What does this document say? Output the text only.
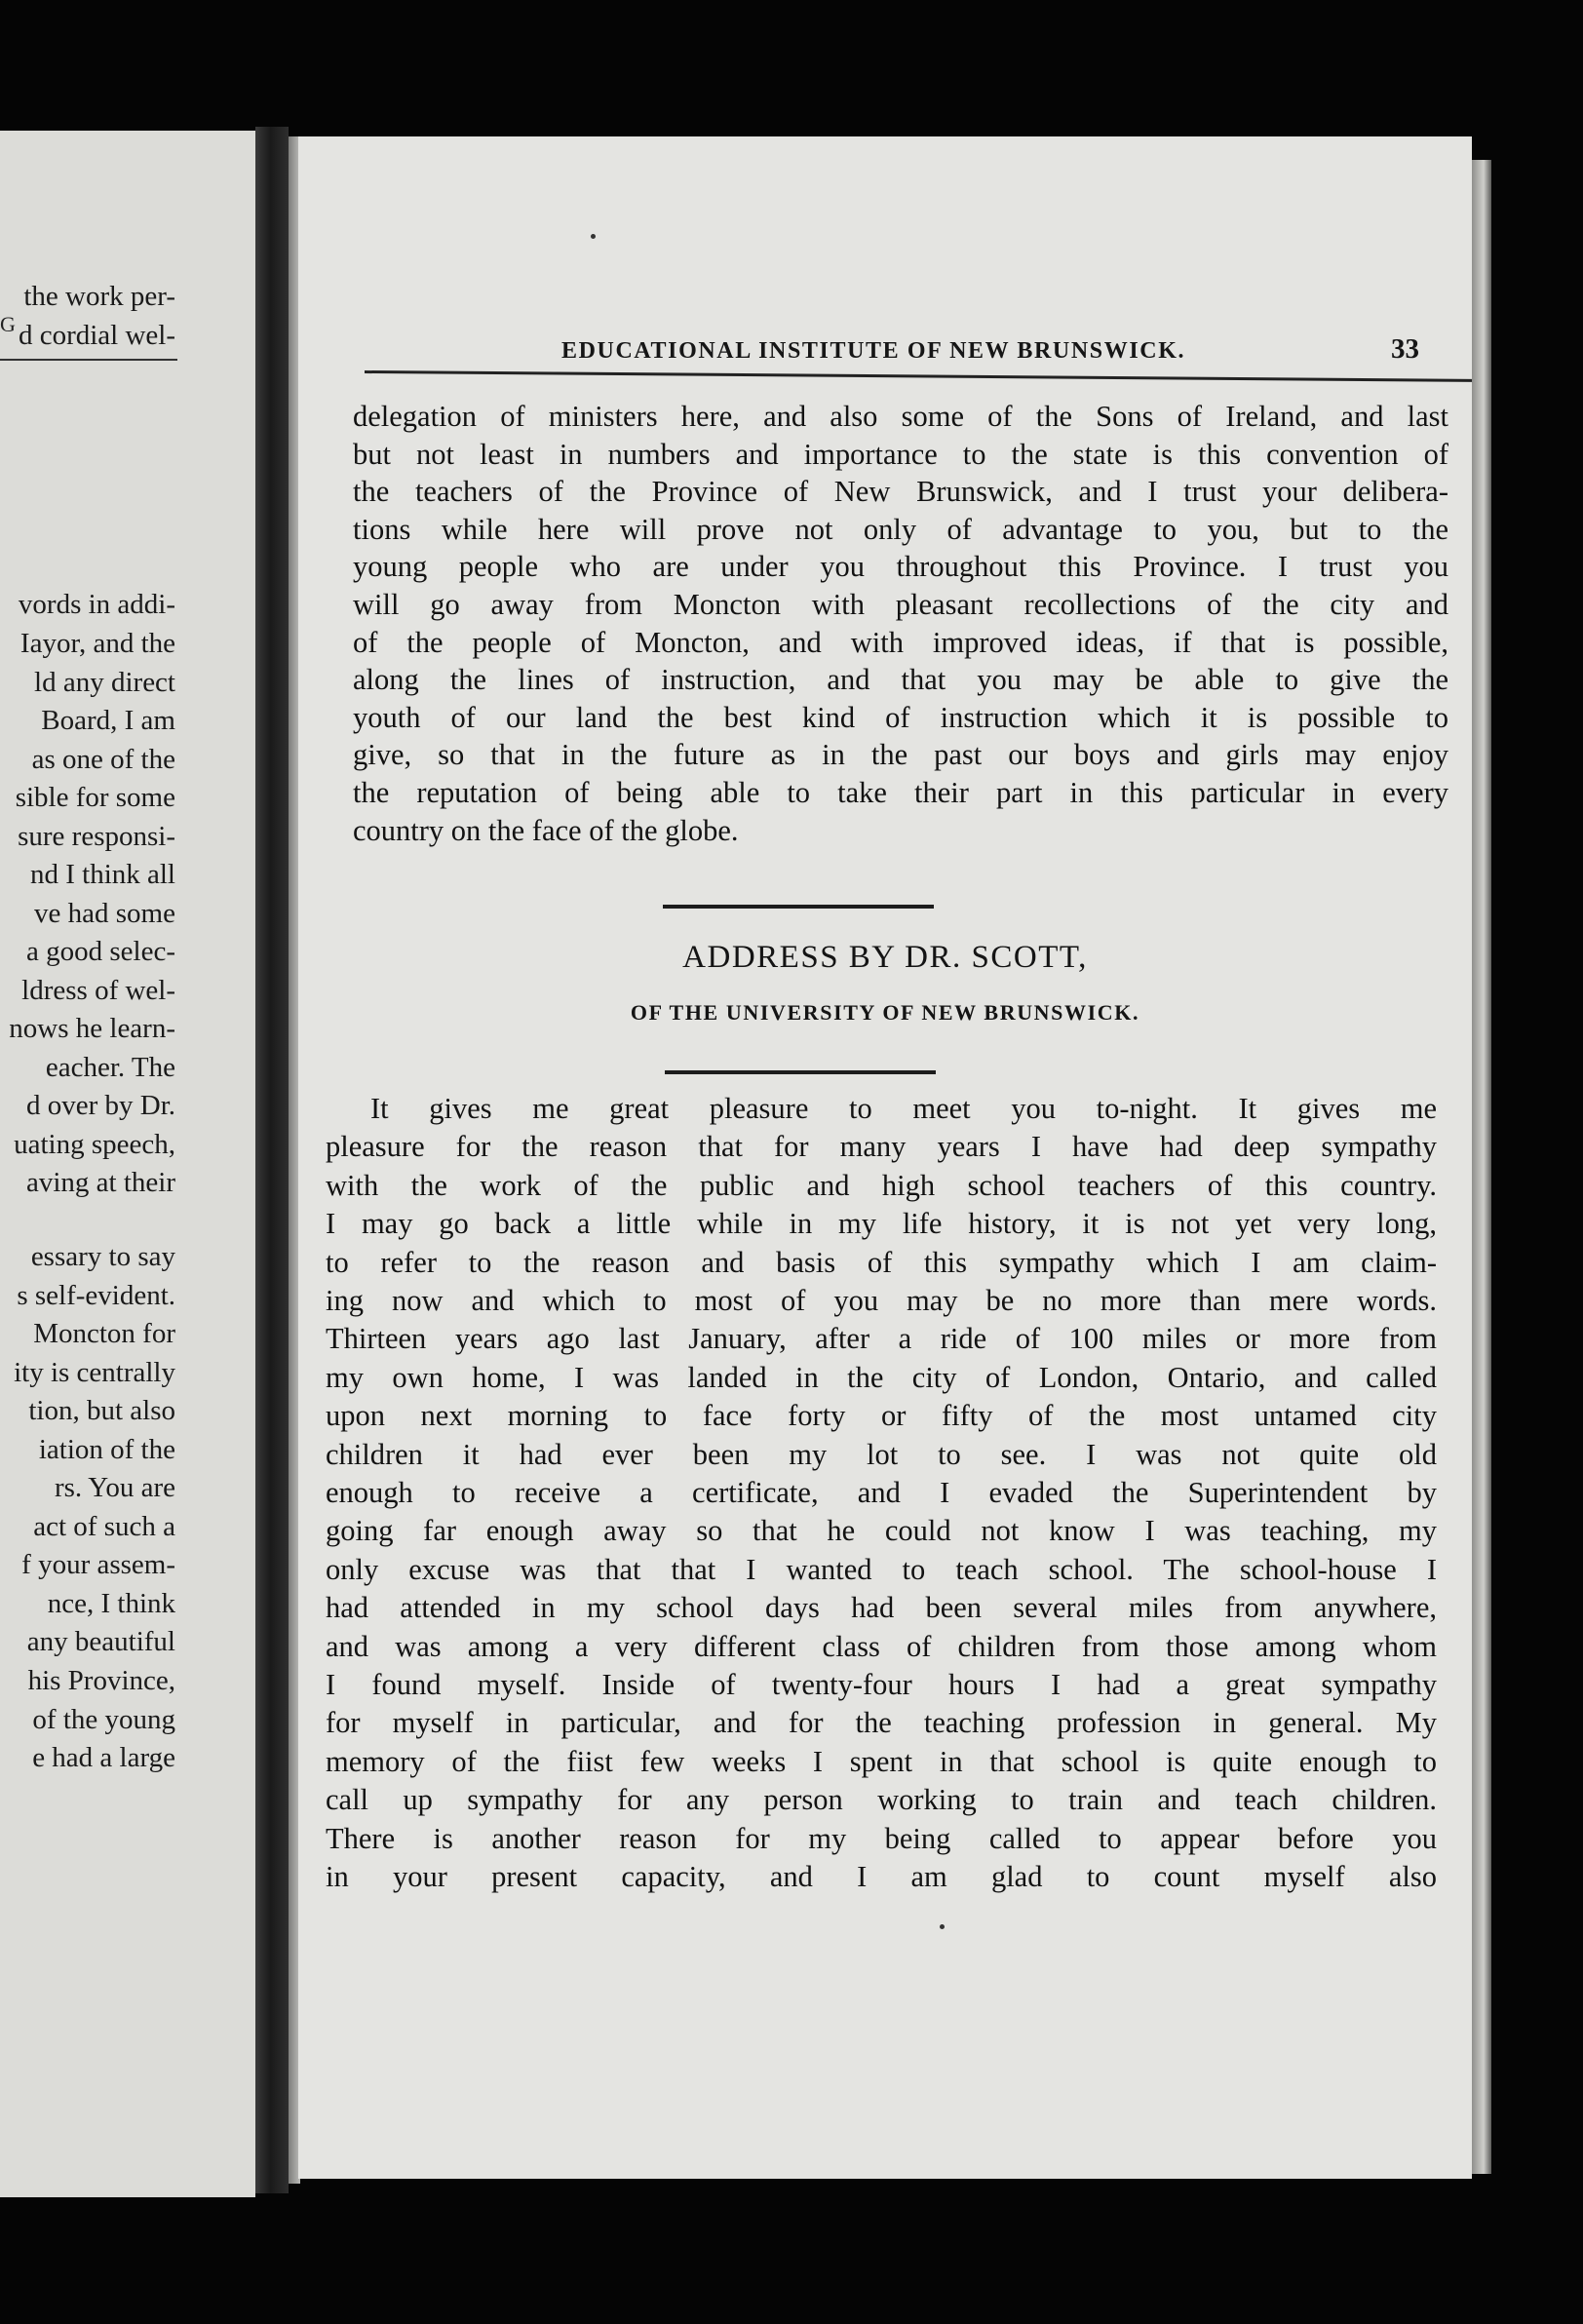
G
the work per-
d cordial wel-
vords in addi-
Iayor, and the
ld any direct
Board, I am
as one of the
sible for some
sure responsi-
nd I think all
ve had some
a good selec-
ldress of wel-
nows he learn-
eacher. The
d over by Dr.
uating speech,
aving at their
essary to say
s self-evident.
Moncton for
ity is centrally
tion, but also
iation of the
rs. You are
act of such a
f your assem-
nce, I think
any beautiful
his Province,
of the young
e had a large
EDUCATIONAL INSTITUTE OF NEW BRUNSWICK.	33
delegation of ministers here, and also some of the Sons of Ireland, and last
but not least in numbers and importance to the state is this convention of
the teachers of the Province of New Brunswick, and I trust your delibera-
tions while here will prove not only of advantage to you, but to the
young people who are under you throughout this Province. I trust you
will go away from Moncton with pleasant recollections of the city and
of the people of Moncton, and with improved ideas, if that is possible,
along the lines of instruction, and that you may be able to give the
youth of our land the best kind of instruction which it is possible to
give, so that in the future as in the past our boys and girls may enjoy
the reputation of being able to take their part in this particular in every
country on the face of the globe.
ADDRESS BY DR. SCOTT,
OF THE UNIVERSITY OF NEW BRUNSWICK.
It gives me great pleasure to meet you to-night. It gives me
pleasure for the reason that for many years I have had deep sympathy
with the work of the public and high school teachers of this country.
I may go back a little while in my life history, it is not yet very long,
to refer to the reason and basis of this sympathy which I am claim-
ing now and which to most of you may be no more than mere words.
Thirteen years ago last January, after a ride of 100 miles or more from
my own home, I was landed in the city of London, Ontario, and called
upon next morning to face forty or fifty of the most untamed city
children it had ever been my lot to see. I was not quite old
enough to receive a certificate, and I evaded the Superintendent by
going far enough away so that he could not know I was teaching, my
only excuse was that that I wanted to teach school. The school-house I
had attended in my school days had been several miles from anywhere,
and was among a very different class of children from those among whom
I found myself. Inside of twenty-four hours I had a great sympathy
for myself in particular, and for the teaching profession in general. My
memory of the fiist few weeks I spent in that school is quite enough to
call up sympathy for any person working to train and teach children.
There is another reason for my being called to appear before you
in your present capacity, and I am glad to count myself also
